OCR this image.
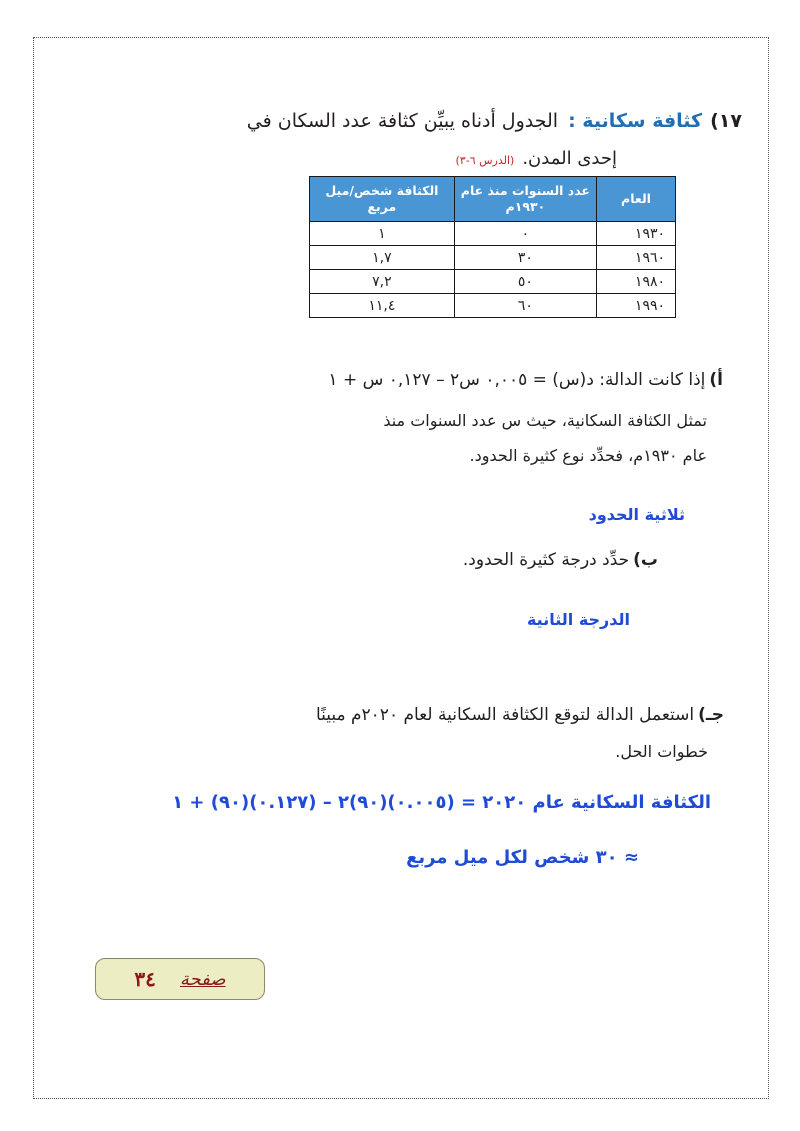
١٧)كثافة سكانية :الجدول أدناه يبيِّن كثافة عدد السكان في
إحدى المدن.(الدرس ٦-٣)
العام	عدد السنوات منذ عام ١٩٣٠م	الكثافة شخص/ميل مربع
١٩٣٠	٠	١
١٩٦٠	٣٠	١,٧
١٩٨٠	٥٠	٧,٢
١٩٩٠	٦٠	١١,٤
أ)إذا كانت الدالة: د(س) = ٠,٠٠٥ س٢ – ٠,١٢٧ س + ١
تمثل الكثافة السكانية، حيث س عدد السنوات منذ
عام ١٩٣٠م، فحدِّد نوع كثيرة الحدود.
ثلاثية الحدود
ب)حدِّد درجة كثيرة الحدود.
الدرجة الثانية
جـ)استعمل الدالة لتوقع الكثافة السكانية لعام ٢٠٢٠م مبينًا
خطوات الحل.
الكثافة السكانية عام ٢٠٢٠ = (٠.٠٠٥)(٩٠)٢ – (٠.١٢٧)(٩٠) + ١
≈ ٣٠ شخص لكل ميل مربع
صفحة
٣٤
